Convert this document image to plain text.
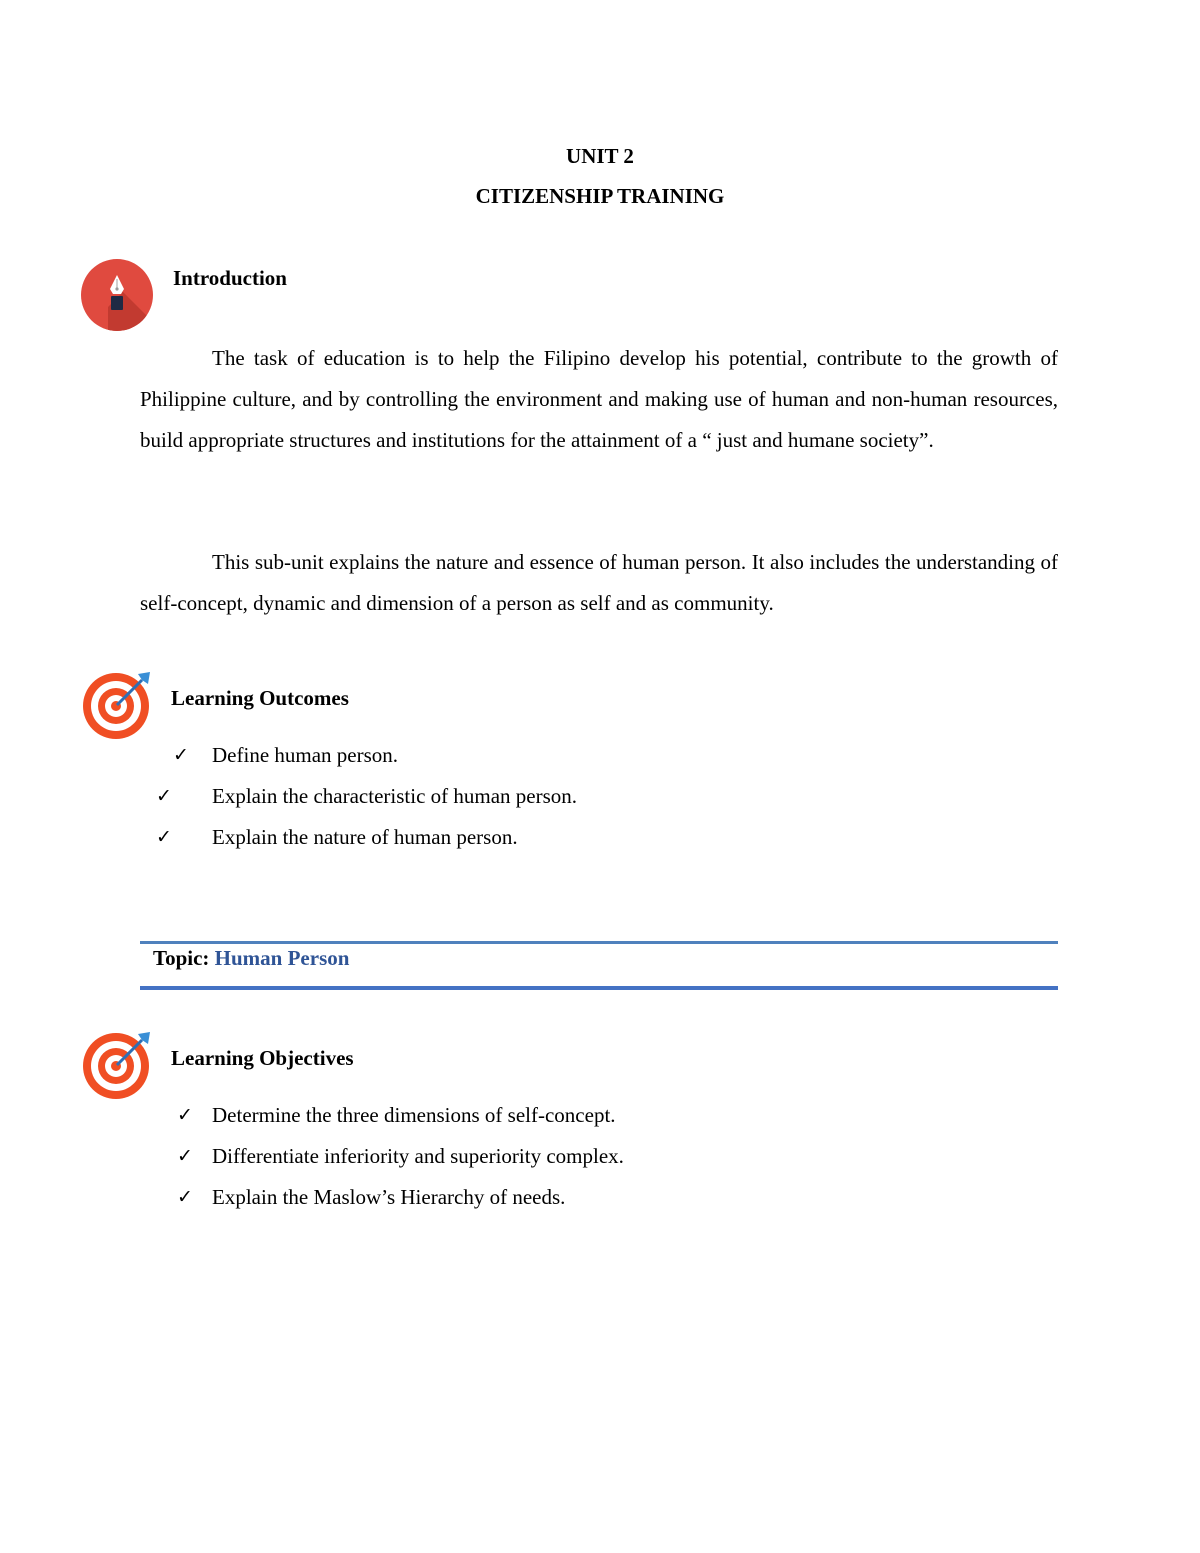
UNIT 2
CITIZENSHIP TRAINING
Introduction
The task of education is to help the Filipino develop his potential, contribute to the growth of Philippine culture, and by controlling the environment and making use of human and non-human resources, build appropriate structures and institutions for the attainment of a “ just and humane society”.
This sub-unit explains the nature and essence of human person. It also includes the understanding of self-concept, dynamic and dimension of a person as self and as community.
Learning Outcomes
✓ Define human person.
✓ Explain the characteristic of human person.
✓ Explain the nature of human person.
Topic: Human Person
Learning Objectives
✓ Determine the three dimensions of self-concept.
✓ Differentiate inferiority and superiority complex.
✓ Explain the Maslow’s Hierarchy of needs.
